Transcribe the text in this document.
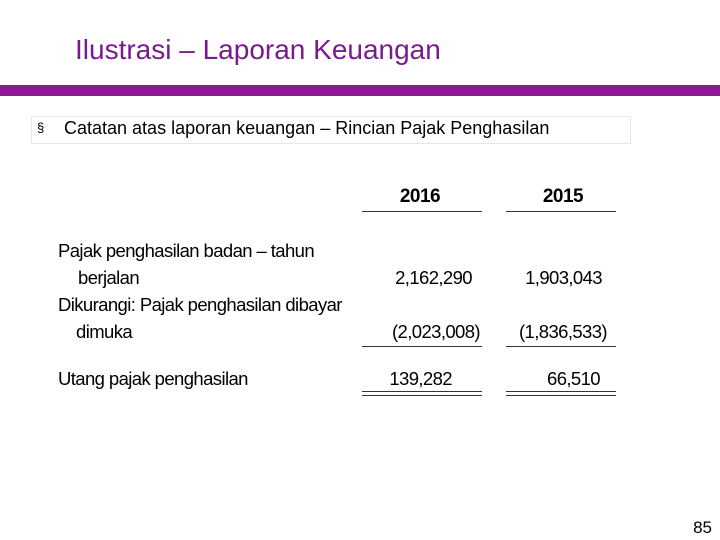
Ilustrasi – Laporan Keuangan
§ Catatan atas laporan keuangan – Rincian Pajak Penghasilan
2016	2015
Pajak penghasilan badan – tahun
berjalan	2,162,290	1,903,043
Dikurangi: Pajak penghasilan dibayar
dimuka	(2,023,008)	(1,836,533)
Utang pajak penghasilan	139,282	66,510
85
